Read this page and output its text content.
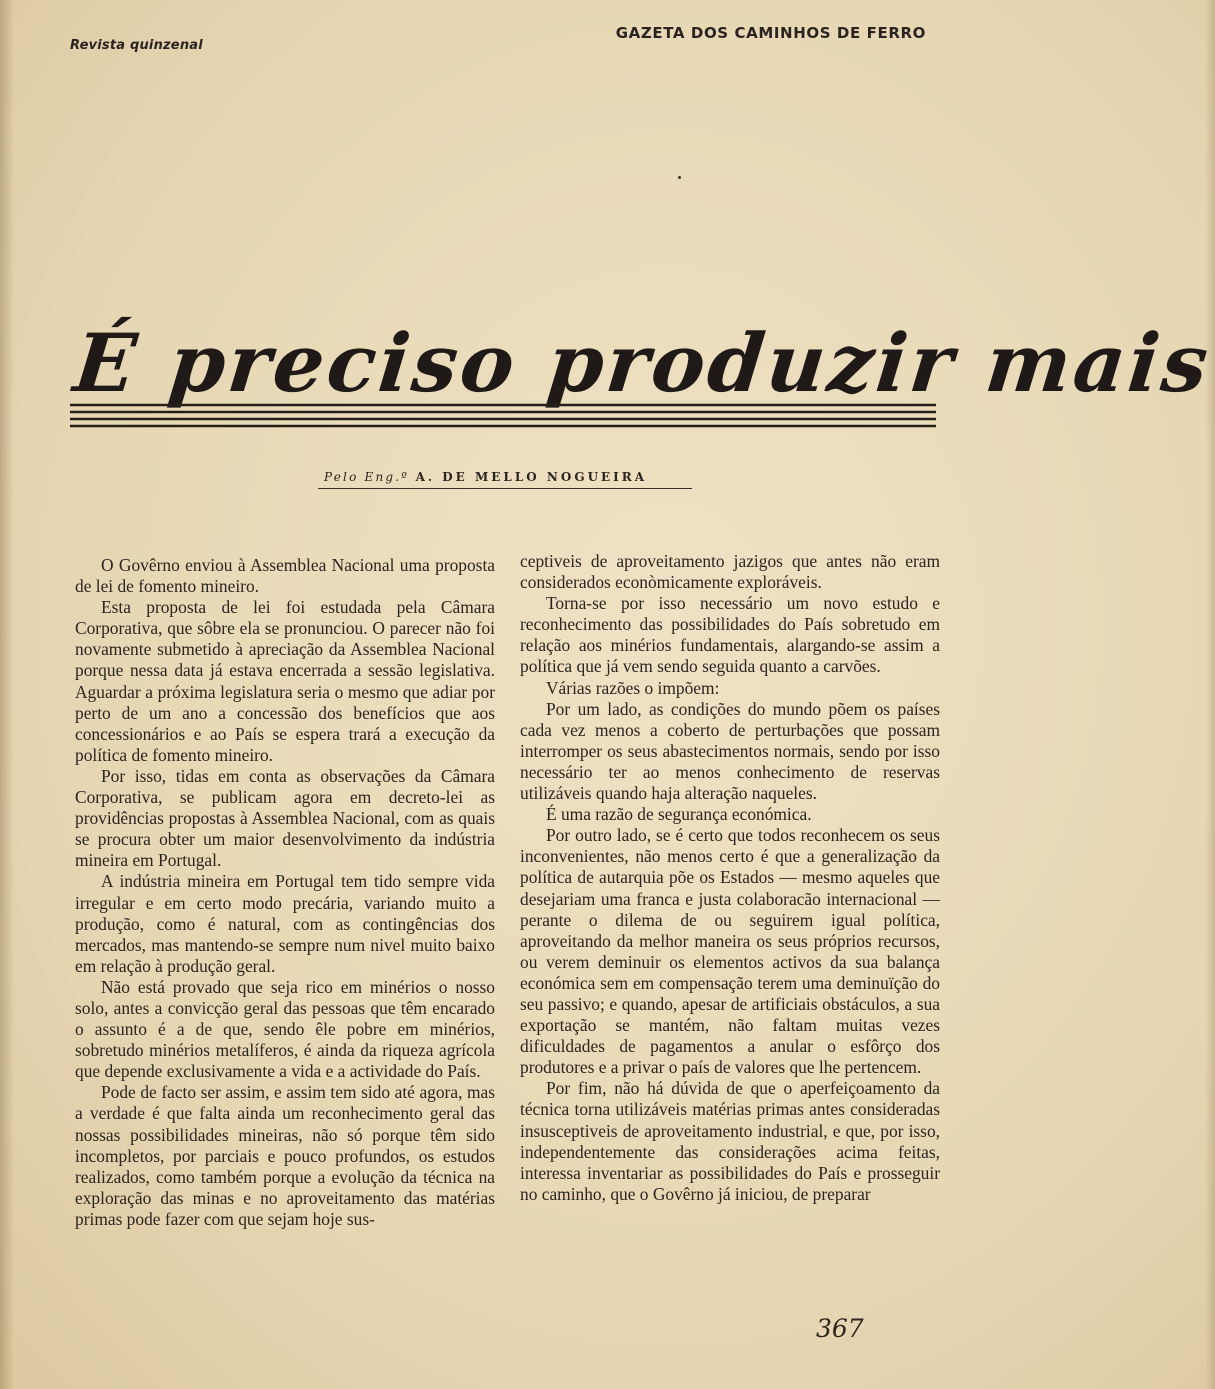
Revista quinzenal
GAZETA DOS CAMINHOS DE FERRO
É preciso produzir mais
Pelo Eng.º A. DE MELLO NOGUEIRA

O Govêrno enviou à Assemblea Nacional uma proposta de lei de fomento mineiro.

Esta proposta de lei foi estudada pela Câmara Corporativa, que sôbre ela se pronunciou. O parecer não foi novamente submetido à apreciação da Assemblea Nacional porque nessa data já estava encerrada a sessão legislativa. Aguardar a próxima legislatura seria o mesmo que adiar por perto de um ano a concessão dos benefícios que aos concessionários e ao País se espera trará a execução da política de fomento mineiro.

Por isso, tidas em conta as observações da Câmara Corporativa, se publicam agora em decreto-lei as providências propostas à Assemblea Nacional, com as quais se procura obter um maior desenvolvimento da indústria mineira em Portugal.

A indústria mineira em Portugal tem tido sempre vida irregular e em certo modo precária, variando muito a produção, como é natural, com as contingências dos mercados, mas mantendo-se sempre num nivel muito baixo em relação à produção geral.

Não está provado que seja rico em minérios o nosso solo, antes a convicção geral das pessoas que têm encarado o assunto é a de que, sendo êle pobre em minérios, sobretudo minérios metalíferos, é ainda da riqueza agrícola que depende exclusivamente a vida e a actividade do País.

Pode de facto ser assim, e assim tem sido até agora, mas a verdade é que falta ainda um reconhecimento geral das nossas possibilidades mineiras, não só porque têm sido incompletos, por parciais e pouco profundos, os estudos realizados, como também porque a evolução da técnica na exploração das minas e no aproveitamento das matérias primas pode fazer com que sejam hoje sus-

ceptiveis de aproveitamento jazigos que antes não eram considerados econòmicamente exploráveis.

Torna-se por isso necessário um novo estudo e reconhecimento das possibilidades do País sobretudo em relação aos minérios fundamentais, alargando-se assim a política que já vem sendo seguida quanto a carvões.

Várias razões o impõem:

Por um lado, as condições do mundo põem os países cada vez menos a coberto de perturbações que possam interromper os seus abastecimentos normais, sendo por isso necessário ter ao menos conhecimento de reservas utilizáveis quando haja alteração naqueles.

É uma razão de segurança económica.

Por outro lado, se é certo que todos reconhecem os seus inconvenientes, não menos certo é que a generalização da política de autarquia põe os Estados — mesmo aqueles que desejariam uma franca e justa colaboracão internacional — perante o dilema de ou seguirem igual política, aproveitando da melhor maneira os seus próprios recursos, ou verem deminuir os elementos activos da sua balança económica sem em compensação terem uma deminuïção do seu passivo; e quando, apesar de artificiais obstáculos, a sua exportação se mantém, não faltam muitas vezes dificuldades de pagamentos a anular o esfôrço dos produtores e a privar o país de valores que lhe pertencem.

Por fim, não há dúvida de que o aperfeiçoamento da técnica torna utilizáveis matérias primas antes consideradas insusceptiveis de aproveitamento industrial, e que, por isso, independentemente das considerações acima feitas, interessa inventariar as possibilidades do País e prosseguir no caminho, que o Govêrno já iniciou, de preparar

367
